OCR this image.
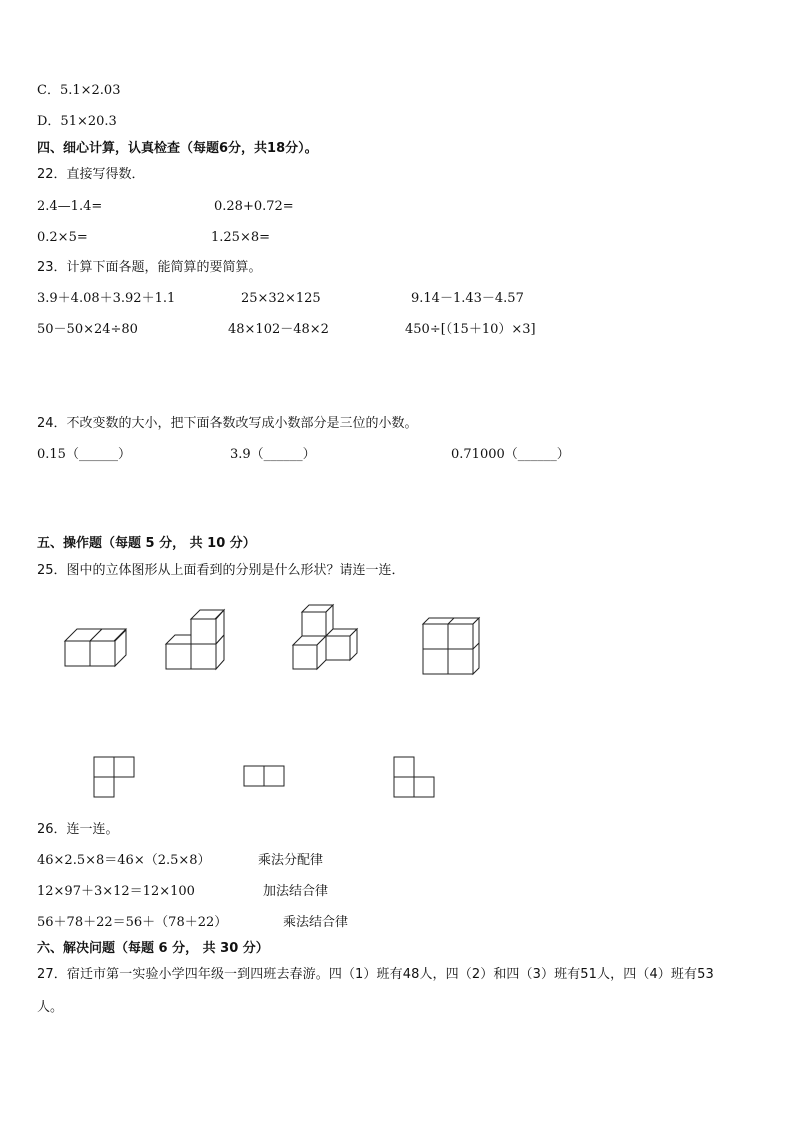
C．5.1×2.03
D．51×20.3
四、细心计算，认真检查（每题6分，共18分）。
22．直接写得数．
2.4—1.4=	0.28+0.72=
0.2×5=	1.25×8=
23．计算下面各题，能简算的要简算。
3.9＋4.08＋3.92＋1.1	25×32×125	9.14－1.43－4.57
50－50×24÷80	48×102－48×2	450÷[（15＋10）×3]
24．不改变数的大小，把下面各数改写成小数部分是三位的小数。
0.15（______）	3.9（______）	0.71000（______）
五、操作题（每题 5 分， 共 10 分）
25．图中的立体图形从上面看到的分别是什么形状？请连一连．
26．连一连。
46×2.5×8＝46×（2.5×8）	乘法分配律
12×97＋3×12＝12×100	加法结合律
56＋78＋22＝56＋（78＋22）	乘法结合律
六、解决问题（每题 6 分， 共 30 分）
27．宿迁市第一实验小学四年级一到四班去春游。四（1）班有48人，四（2）和四（3）班有51人，四（4）班有53
人。
